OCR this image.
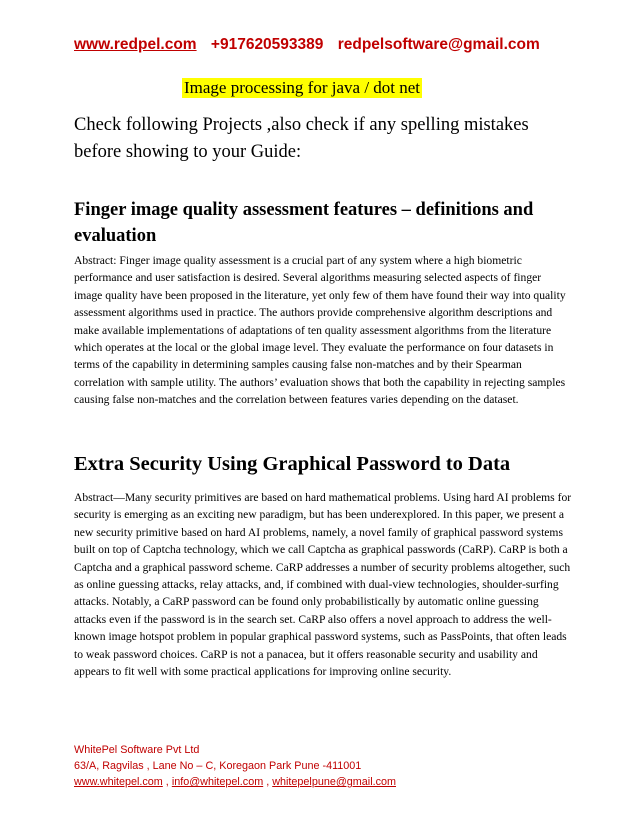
www.redpel.com +917620593389 redpelsoftware@gmail.com
Image processing for java / dot net
Check following Projects ,also check if any spelling mistakes before showing to your Guide:
Finger image quality assessment features – definitions and evaluation
Abstract: Finger image quality assessment is a crucial part of any system where a high biometric performance and user satisfaction is desired. Several algorithms measuring selected aspects of finger image quality have been proposed in the literature, yet only few of them have found their way into quality assessment algorithms used in practice. The authors provide comprehensive algorithm descriptions and make available implementations of adaptations of ten quality assessment algorithms from the literature which operates at the local or the global image level. They evaluate the performance on four datasets in terms of the capability in determining samples causing false non-matches and by their Spearman correlation with sample utility. The authors’ evaluation shows that both the capability in rejecting samples causing false non-matches and the correlation between features varies depending on the dataset.
Extra Security Using Graphical Password to Data
Abstract—Many security primitives are based on hard mathematical problems. Using hard AI problems for security is emerging as an exciting new paradigm, but has been underexplored. In this paper, we present a new security primitive based on hard AI problems, namely, a novel family of graphical password systems built on top of Captcha technology, which we call Captcha as graphical passwords (CaRP). CaRP is both a Captcha and a graphical password scheme. CaRP addresses a number of security problems altogether, such as online guessing attacks, relay attacks, and, if combined with dual-view technologies, shoulder-surfing attacks. Notably, a CaRP password can be found only probabilistically by automatic online guessing attacks even if the password is in the search set. CaRP also offers a novel approach to address the well-known image hotspot problem in popular graphical password systems, such as PassPoints, that often leads to weak password choices. CaRP is not a panacea, but it offers reasonable security and usability and appears to fit well with some practical applications for improving online security.
WhitePel Software Pvt Ltd
63/A, Ragvilas , Lane No – C, Koregaon Park Pune -411001
www.whitepel.com , info@whitepel.com , whitepelpune@gmail.com
